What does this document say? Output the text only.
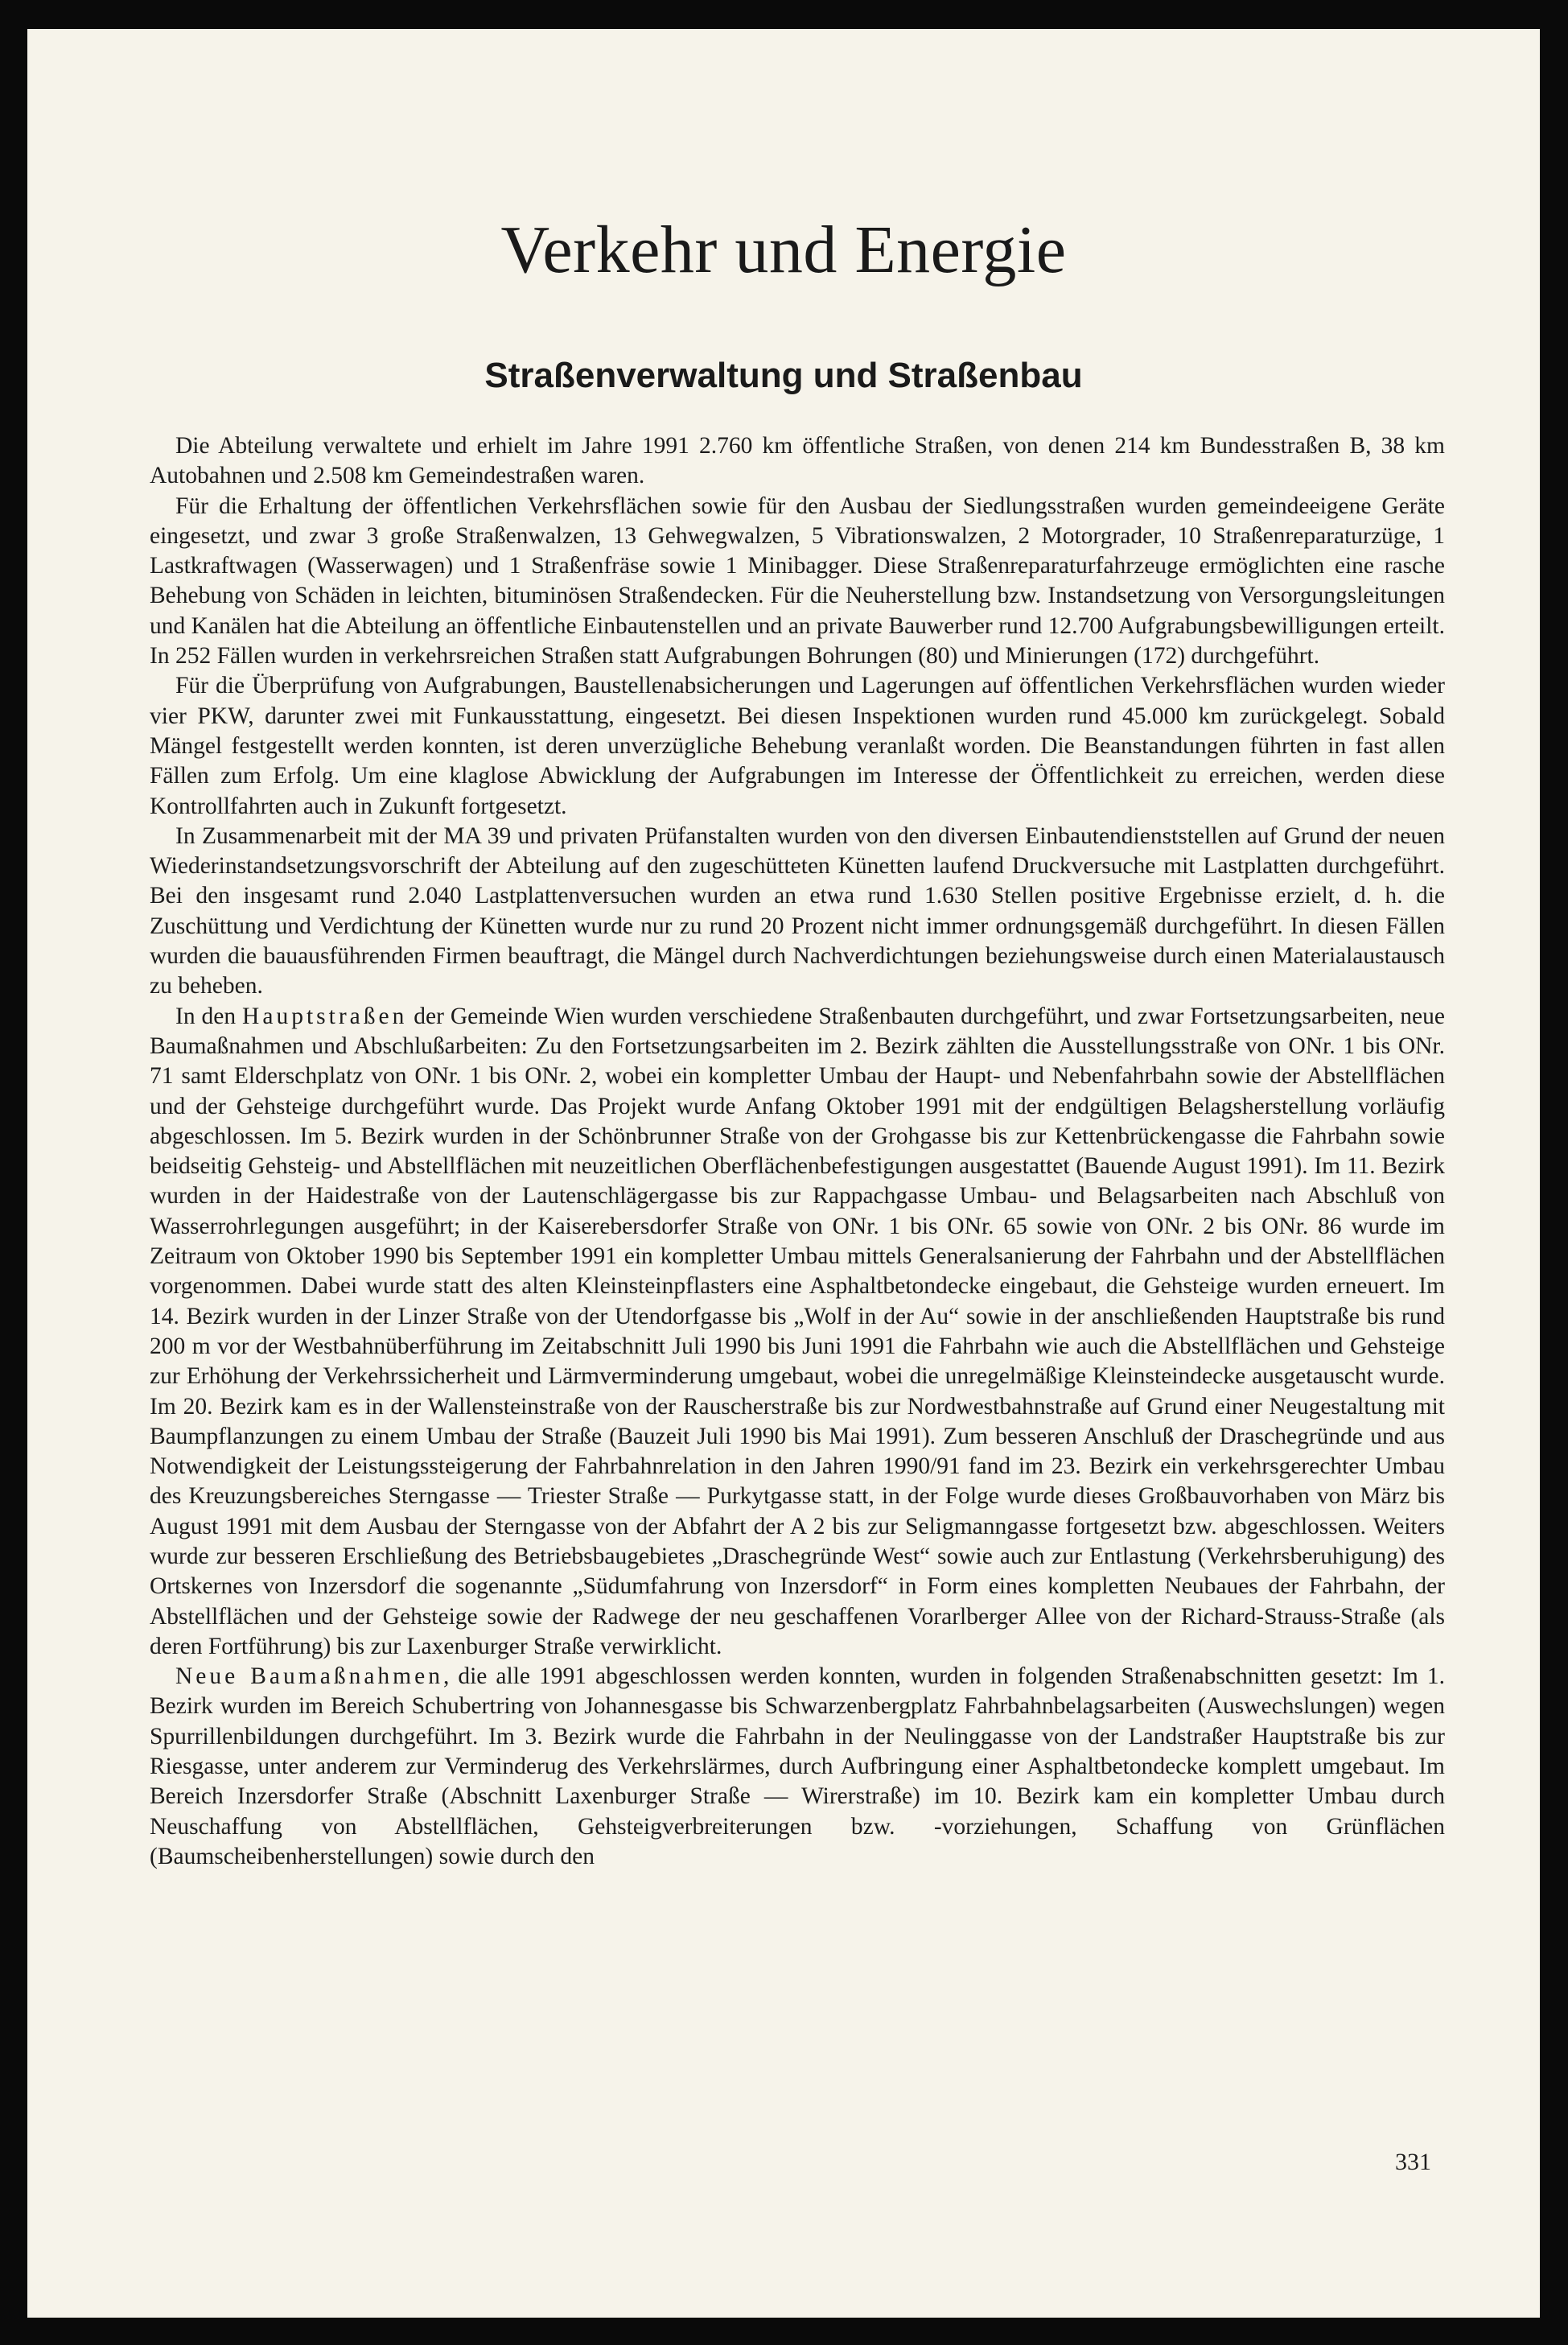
Verkehr und Energie
Straßenverwaltung und Straßenbau

Die Abteilung verwaltete und erhielt im Jahre 1991 2.760 km öffentliche Straßen, von denen 214 km Bundesstraßen B, 38 km Autobahnen und 2.508 km Gemeindestraßen waren.

Für die Erhaltung der öffentlichen Verkehrsflächen sowie für den Ausbau der Siedlungsstraßen wurden gemeindeeigene Geräte eingesetzt, und zwar 3 große Straßenwalzen, 13 Gehwegwalzen, 5 Vibrationswalzen, 2 Motorgrader, 10 Straßenreparaturzüge, 1 Lastkraftwagen (Wasserwagen) und 1 Straßenfräse sowie 1 Minibagger. Diese Straßenreparaturfahrzeuge ermöglichten eine rasche Behebung von Schäden in leichten, bituminösen Straßendecken. Für die Neuherstellung bzw. Instandsetzung von Versorgungsleitungen und Kanälen hat die Abteilung an öffentliche Einbautenstellen und an private Bauwerber rund 12.700 Aufgrabungsbewilligungen erteilt. In 252 Fällen wurden in verkehrsreichen Straßen statt Aufgrabungen Bohrungen (80) und Minierungen (172) durchgeführt.

Für die Überprüfung von Aufgrabungen, Baustellenabsicherungen und Lagerungen auf öffentlichen Verkehrsflächen wurden wieder vier PKW, darunter zwei mit Funkausstattung, eingesetzt. Bei diesen Inspektionen wurden rund 45.000 km zurückgelegt. Sobald Mängel festgestellt werden konnten, ist deren unverzügliche Behebung veranlaßt worden. Die Beanstandungen führten in fast allen Fällen zum Erfolg. Um eine klaglose Abwicklung der Aufgrabungen im Interesse der Öffentlichkeit zu erreichen, werden diese Kontrollfahrten auch in Zukunft fortgesetzt.

In Zusammenarbeit mit der MA 39 und privaten Prüfanstalten wurden von den diversen Einbautendienststellen auf Grund der neuen Wiederinstandsetzungsvorschrift der Abteilung auf den zugeschütteten Künetten laufend Druckversuche mit Lastplatten durchgeführt. Bei den insgesamt rund 2.040 Lastplattenversuchen wurden an etwa rund 1.630 Stellen positive Ergebnisse erzielt, d. h. die Zuschüttung und Verdichtung der Künetten wurde nur zu rund 20 Prozent nicht immer ordnungsgemäß durchgeführt. In diesen Fällen wurden die bauausführenden Firmen beauftragt, die Mängel durch Nachverdichtungen beziehungsweise durch einen Materialaustausch zu beheben.

In den Hauptstraßen der Gemeinde Wien wurden verschiedene Straßenbauten durchgeführt, und zwar Fortsetzungsarbeiten, neue Baumaßnahmen und Abschlußarbeiten: Zu den Fortsetzungsarbeiten im 2. Bezirk zählten die Ausstellungsstraße von ONr. 1 bis ONr. 71 samt Elderschplatz von ONr. 1 bis ONr. 2, wobei ein kompletter Umbau der Haupt- und Nebenfahrbahn sowie der Abstellflächen und der Gehsteige durchgeführt wurde. Das Projekt wurde Anfang Oktober 1991 mit der endgültigen Belagsherstellung vorläufig abgeschlossen. Im 5. Bezirk wurden in der Schönbrunner Straße von der Grohgasse bis zur Kettenbrückengasse die Fahrbahn sowie beidseitig Gehsteig- und Abstellflächen mit neuzeitlichen Oberflächenbefestigungen ausgestattet (Bauende August 1991). Im 11. Bezirk wurden in der Haidestraße von der Lautenschlägergasse bis zur Rappachgasse Umbau- und Belagsarbeiten nach Abschluß von Wasserrohrlegungen ausgeführt; in der Kaiserebersdorfer Straße von ONr. 1 bis ONr. 65 sowie von ONr. 2 bis ONr. 86 wurde im Zeitraum von Oktober 1990 bis September 1991 ein kompletter Umbau mittels Generalsanierung der Fahrbahn und der Abstellflächen vorgenommen. Dabei wurde statt des alten Kleinsteinpflasters eine Asphaltbetondecke eingebaut, die Gehsteige wurden erneuert. Im 14. Bezirk wurden in der Linzer Straße von der Utendorfgasse bis „Wolf in der Au“ sowie in der anschließenden Hauptstraße bis rund 200 m vor der Westbahnüberführung im Zeitabschnitt Juli 1990 bis Juni 1991 die Fahrbahn wie auch die Abstellflächen und Gehsteige zur Erhöhung der Verkehrssicherheit und Lärmverminderung umgebaut, wobei die unregelmäßige Kleinsteindecke ausgetauscht wurde. Im 20. Bezirk kam es in der Wallensteinstraße von der Rauscherstraße bis zur Nordwestbahnstraße auf Grund einer Neugestaltung mit Baumpflanzungen zu einem Umbau der Straße (Bauzeit Juli 1990 bis Mai 1991). Zum besseren Anschluß der Draschegründe und aus Notwendigkeit der Leistungssteigerung der Fahrbahnrelation in den Jahren 1990/91 fand im 23. Bezirk ein verkehrsgerechter Umbau des Kreuzungsbereiches Sterngasse — Triester Straße — Purkytgasse statt, in der Folge wurde dieses Großbauvorhaben von März bis August 1991 mit dem Ausbau der Sterngasse von der Abfahrt der A 2 bis zur Seligmanngasse fortgesetzt bzw. abgeschlossen. Weiters wurde zur besseren Erschließung des Betriebsbaugebietes „Draschegründe West“ sowie auch zur Entlastung (Verkehrsberuhigung) des Ortskernes von Inzersdorf die sogenannte „Südumfahrung von Inzersdorf“ in Form eines kompletten Neubaues der Fahrbahn, der Abstellflächen und der Gehsteige sowie der Radwege der neu geschaffenen Vorarlberger Allee von der Richard-Strauss-Straße (als deren Fortführung) bis zur Laxenburger Straße verwirklicht.

Neue Baumaßnahmen, die alle 1991 abgeschlossen werden konnten, wurden in folgenden Straßenabschnitten gesetzt: Im 1. Bezirk wurden im Bereich Schubertring von Johannesgasse bis Schwarzenbergplatz Fahrbahnbelagsarbeiten (Auswechslungen) wegen Spurrillenbildungen durchgeführt. Im 3. Bezirk wurde die Fahrbahn in der Neulinggasse von der Landstraßer Hauptstraße bis zur Riesgasse, unter anderem zur Verminderug des Verkehrslärmes, durch Aufbringung einer Asphaltbetondecke komplett umgebaut. Im Bereich Inzersdorfer Straße (Abschnitt Laxenburger Straße — Wirerstraße) im 10. Bezirk kam ein kompletter Umbau durch Neuschaffung von Abstellflächen, Gehsteigverbreiterungen bzw. -vorziehungen, Schaffung von Grünflächen (Baumscheibenherstellungen) sowie durch den

331
